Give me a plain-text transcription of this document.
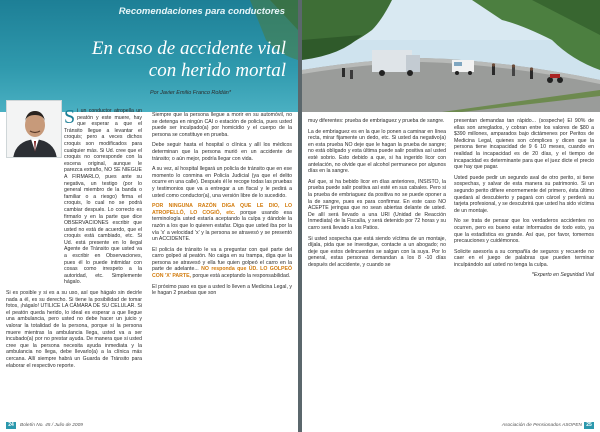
Recomendaciones para conductores
En caso de accidente vial
con herido mortal
Por Javier Emilio Franco Roldán*

Si un conductor atropella un peatón y este muere, hay que esperar a que el Tránsito llegue a levantar el croquis; pero a veces dichos croquis son modificados para cualquier más. Si Ud. cree que el croquis no corresponde con la escena original, aunque le parezca extraño, NO SE NIEGUE A FIRMARLO, pues ante su negativa, un testigo (por lo general miembro de la banda o familiar o a riesgo) firma el croquis, lo cual no se podrá cambiar después. Lo correcto es firmarlo y en la parte que dice OBSERVACIONES escribir que usted no está de acuerdo, que el croquis está cambiado, etc. Si Ud. está presente en lo ilegal Agente de Tránsito que usted va a escribir en Observaciones, pues él lo puede intimidar con cosas como irrespeto a la autoridad, etc. Simplemente hágalo.

Si es posible y si es a su uso, así que hágalo sin decirle nada a él, es su derecho. Si tiene la posibilidad de tomar fotos, ¡hágalo! UTILICE LA CÁMARA DE SU CELULAR. Si el peatón queda herido, lo ideal es esperar a que llegue una ambulancia, pero usted no debe hacer un juicio y valorar la totalidad de la persona, porque si la persona muere mientras la ambulancia llega, usted va a ser incubado(a) por no prestar ayuda. De manera que si usted cree que la persona necesita ayuda inmediata y la ambulancia no llega, debe llevarlo(a) a la clínica más cercana. Allí siempre habrá un Guarda de Tránsito para elaborar el respectivo reporte.

Siempre que la persona llegue a morir en su automóvil, no se detenga en ningún CAI o estación de policía, pues usted puede ser inculpado(a) por homicidio y el cuerpo de la persona se constituye en prueba.

Debe seguir hasta el hospital o clínica y allí los médicos determinan que la persona murió en un accidente de tránsito; o aún mejor, podría llegar con vida.

A su vez, al hospital llegará un policía de tránsito que en ese momento lo conmina en Policía Judicial (ya que el delito ocurre en una calle). Después él le recoge todas las pruebas y testimonios que va a entregar a un fiscal y le pedirá a usted como conductor(a), una versión libre de lo sucedido.

POR NINGUNA RAZÓN DIGA QUE LE DIO, LO ATROPELLÓ, LO COGIÓ, etc. porque usando esa terminología usted estaría aceptando la culpa y dándole la razón a los que lo quieren estafar. Diga que usted iba por la vía 'x' a velocidad 'x' y la persona se atravesó y se presentó un ACCIDENTE.

El policía de tránsito le va a preguntar con qué parte del carro golpeó al peatón. No caiga en su trampa, diga que la persona se atravesó y ella fue quien golpeó el carro en la parte de adelante... NO responda que ÚD. LO GOLPEÓ CON 'X' PARTE, porque está aceptando la responsabilidad.

El próximo paso es que a usted lo lleven a Medicina Legal, y le hagan 2 pruebas que son

24	Boletín No. 45 / Julio de 2009

muy diferentes: prueba de embriaguez y prueba de sangre.

La de embriaguez es en la que lo ponen a caminar en línea recta, mirar fijamente un dedo, etc. Si usted da negativo(a) en esta prueba NO deje que le hagan la prueba de sangre; no está obligado y esta última puede salir positiva así usted esté sobrio. Esto debido a que, si ha ingerido licor con antelación, no olvide que el alcohol permanece por algunos días en la sangre.

Así que, si ha bebido licor en días anteriores, INSISTO, la prueba puede salir positiva así esté en sus cabales. Pero si la prueba de embriaguez da positiva no se puede oponer a la de sangre, pues es para confirmar. En este caso NO ACEPTE jeringas que no sean abiertas delante de usted. De allí será llevado a una URI (Unidad de Reacción Inmediata) de la Fiscalía, y será detenido por 72 horas y su carro será llevado a los Patios.

Si usted sospecha que está siendo víctima de un montaje, díjala, pida que se investigue, contacte a un abogado; no deje que estos delincuentes se salgan con la suya. Por lo general, estas personas demandan a los 8 -10 días después del accidente, y cuando se

presentan demandas tan rápido... (sospeche) El 90% de ellas son arreglados, y cobran entre los valores de $80 a $390 millones, amparados bajo dictámenes por Peritos de Medicina Legal, quienes son cómplices y dicen que la persona tiene incapacidad de 9 6 10 meses, cuando en realidad la incapacidad es de 20 días, y el tiempo de incapacidad es determinante para que el juez dicte el precio que hay que pagar.

Usted puede pedir un segundo aval de otro perito, si tiene sospechas, y salvar de esta manera su patrimonio. Si un segundo perito difiere enormemente del primero, ésta último quedará al descubierto y pagará con cárcel y perderá su tarjeta profesional, y se descubrirá que usted ha sido víctima de un montaje.

No se trata de pensar que los verdaderos accidentes no ocurren, pero es bueno estar informados de todo esto, ya que la estadística es grande. Así que, por favor, tomemos precauciones y cuidémonos.

Solicite asesoría a su compañía de seguros y recuerde no caer en el juego de palabras que pueden terminar inculpándolo así usted no tenga la culpa.

*Experto en Seguridad Vial

Asociación de Pensionados ASOPEN 25
